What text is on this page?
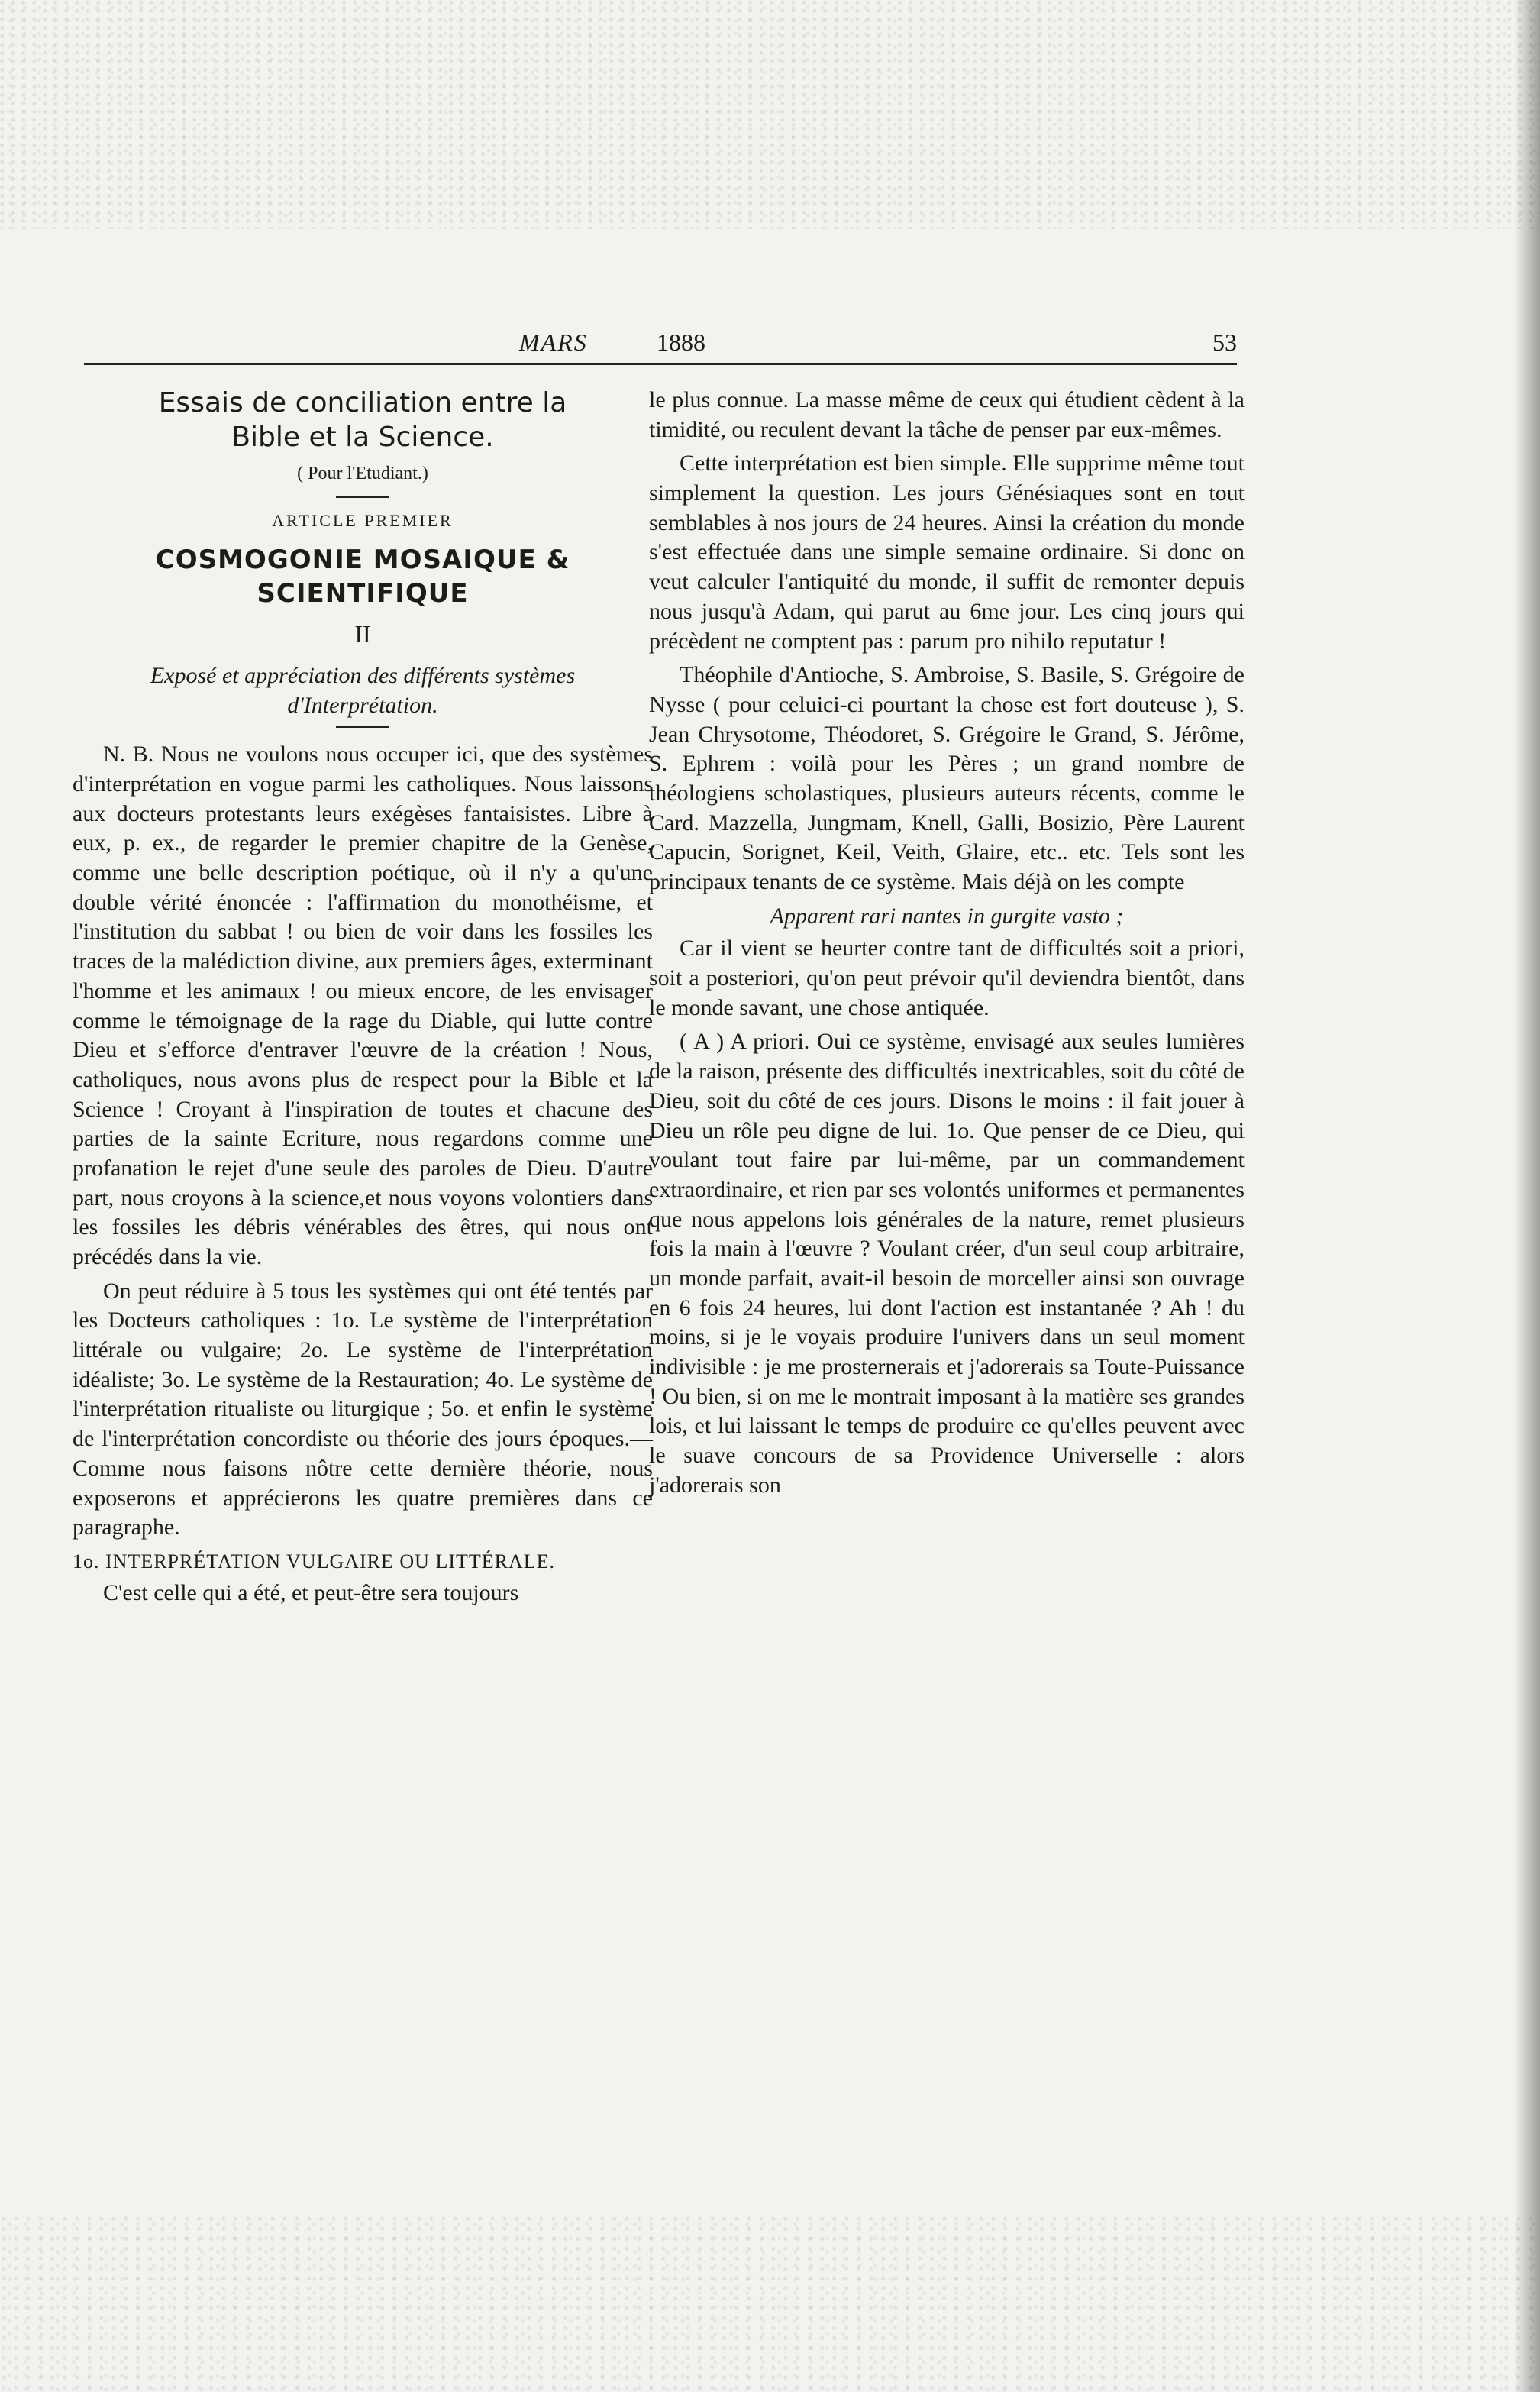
MARS	1888	53
Essais de conciliation entre la
Bible et la Science.
( Pour l'Etudiant.)
ARTICLE PREMIER
COSMOGONIE MOSAIQUE & SCIENTIFIQUE
II
Exposé et appréciation des différents systèmes d'Interprétation.

N. B. Nous ne voulons nous occuper ici, que des systèmes d'interprétation en vogue parmi les catholiques. Nous laissons aux docteurs protestants leurs exégèses fantaisistes. Libre à eux, p. ex., de regarder le premier chapitre de la Genèse, comme une belle description poétique, où il n'y a qu'une double vérité énoncée : l'affirmation du monothéisme, et l'institution du sabbat ! ou bien de voir dans les fossiles les traces de la malédiction divine, aux premiers âges, exterminant l'homme et les animaux ! ou mieux encore, de les envisager comme le témoignage de la rage du Diable, qui lutte contre Dieu et s'efforce d'entraver l'œuvre de la création ! Nous, catholiques, nous avons plus de respect pour la Bible et la Science ! Croyant à l'inspiration de toutes et chacune des parties de la sainte Ecriture, nous regardons comme une profanation le rejet d'une seule des paroles de Dieu. D'autre part, nous croyons à la science,et nous voyons volontiers dans les fossiles les débris vénérables des êtres, qui nous ont précédés dans la vie.

On peut réduire à 5 tous les systèmes qui ont été tentés par les Docteurs catholiques : 1o. Le système de l'interprétation littérale ou vulgaire; 2o. Le système de l'interprétation idéaliste; 3o. Le système de la Restauration; 4o. Le système de l'interprétation ritualiste ou liturgique ; 5o. et enfin le système de l'interprétation concordiste ou théorie des jours époques.— Comme nous faisons nôtre cette dernière théorie, nous exposerons et apprécierons les quatre premières dans ce paragraphe.

1o. INTERPRÉTATION VULGAIRE OU LITTÉRALE.

C'est celle qui a été, et peut-être sera toujours

le plus connue. La masse même de ceux qui étudient cèdent à la timidité, ou reculent devant la tâche de penser par eux-mêmes.

Cette interprétation est bien simple. Elle supprime même tout simplement la question. Les jours Génésiaques sont en tout semblables à nos jours de 24 heures. Ainsi la création du monde s'est effectuée dans une simple semaine ordinaire. Si donc on veut calculer l'antiquité du monde, il suffit de remonter depuis nous jusqu'à Adam, qui parut au 6me jour. Les cinq jours qui précèdent ne comptent pas : parum pro nihilo reputatur !

Théophile d'Antioche, S. Ambroise, S. Basile, S. Grégoire de Nysse ( pour celuici-ci pourtant la chose est fort douteuse ), S. Jean Chrysotome, Théodoret, S. Grégoire le Grand, S. Jérôme, S. Ephrem : voilà pour les Pères ; un grand nombre de théologiens scholastiques, plusieurs auteurs récents, comme le Card. Mazzella, Jungmam, Knell, Galli, Bosizio, Père Laurent Capucin, Sorignet, Keil, Veith, Glaire, etc.. etc. Tels sont les principaux tenants de ce système. Mais déjà on les compte

Apparent rari nantes in gurgite vasto ;

Car il vient se heurter contre tant de difficultés soit a priori, soit a posteriori, qu'on peut prévoir qu'il deviendra bientôt, dans le monde savant, une chose antiquée.

( A ) A priori. Oui ce système, envisagé aux seules lumières de la raison, présente des difficultés inextricables, soit du côté de Dieu, soit du côté de ces jours. Disons le moins : il fait jouer à Dieu un rôle peu digne de lui. 1o. Que penser de ce Dieu, qui voulant tout faire par lui-même, par un commandement extraordinaire, et rien par ses volontés uniformes et permanentes que nous appelons lois générales de la nature, remet plusieurs fois la main à l'œuvre ? Voulant créer, d'un seul coup arbitraire, un monde parfait, avait-il besoin de morceller ainsi son ouvrage en 6 fois 24 heures, lui dont l'action est instantanée ? Ah ! du moins, si je le voyais produire l'univers dans un seul moment indivisible : je me prosternerais et j'adorerais sa Toute-Puissance ! Ou bien, si on me le montrait imposant à la matière ses grandes lois, et lui laissant le temps de produire ce qu'elles peuvent avec le suave concours de sa Providence Universelle : alors j'adorerais son
